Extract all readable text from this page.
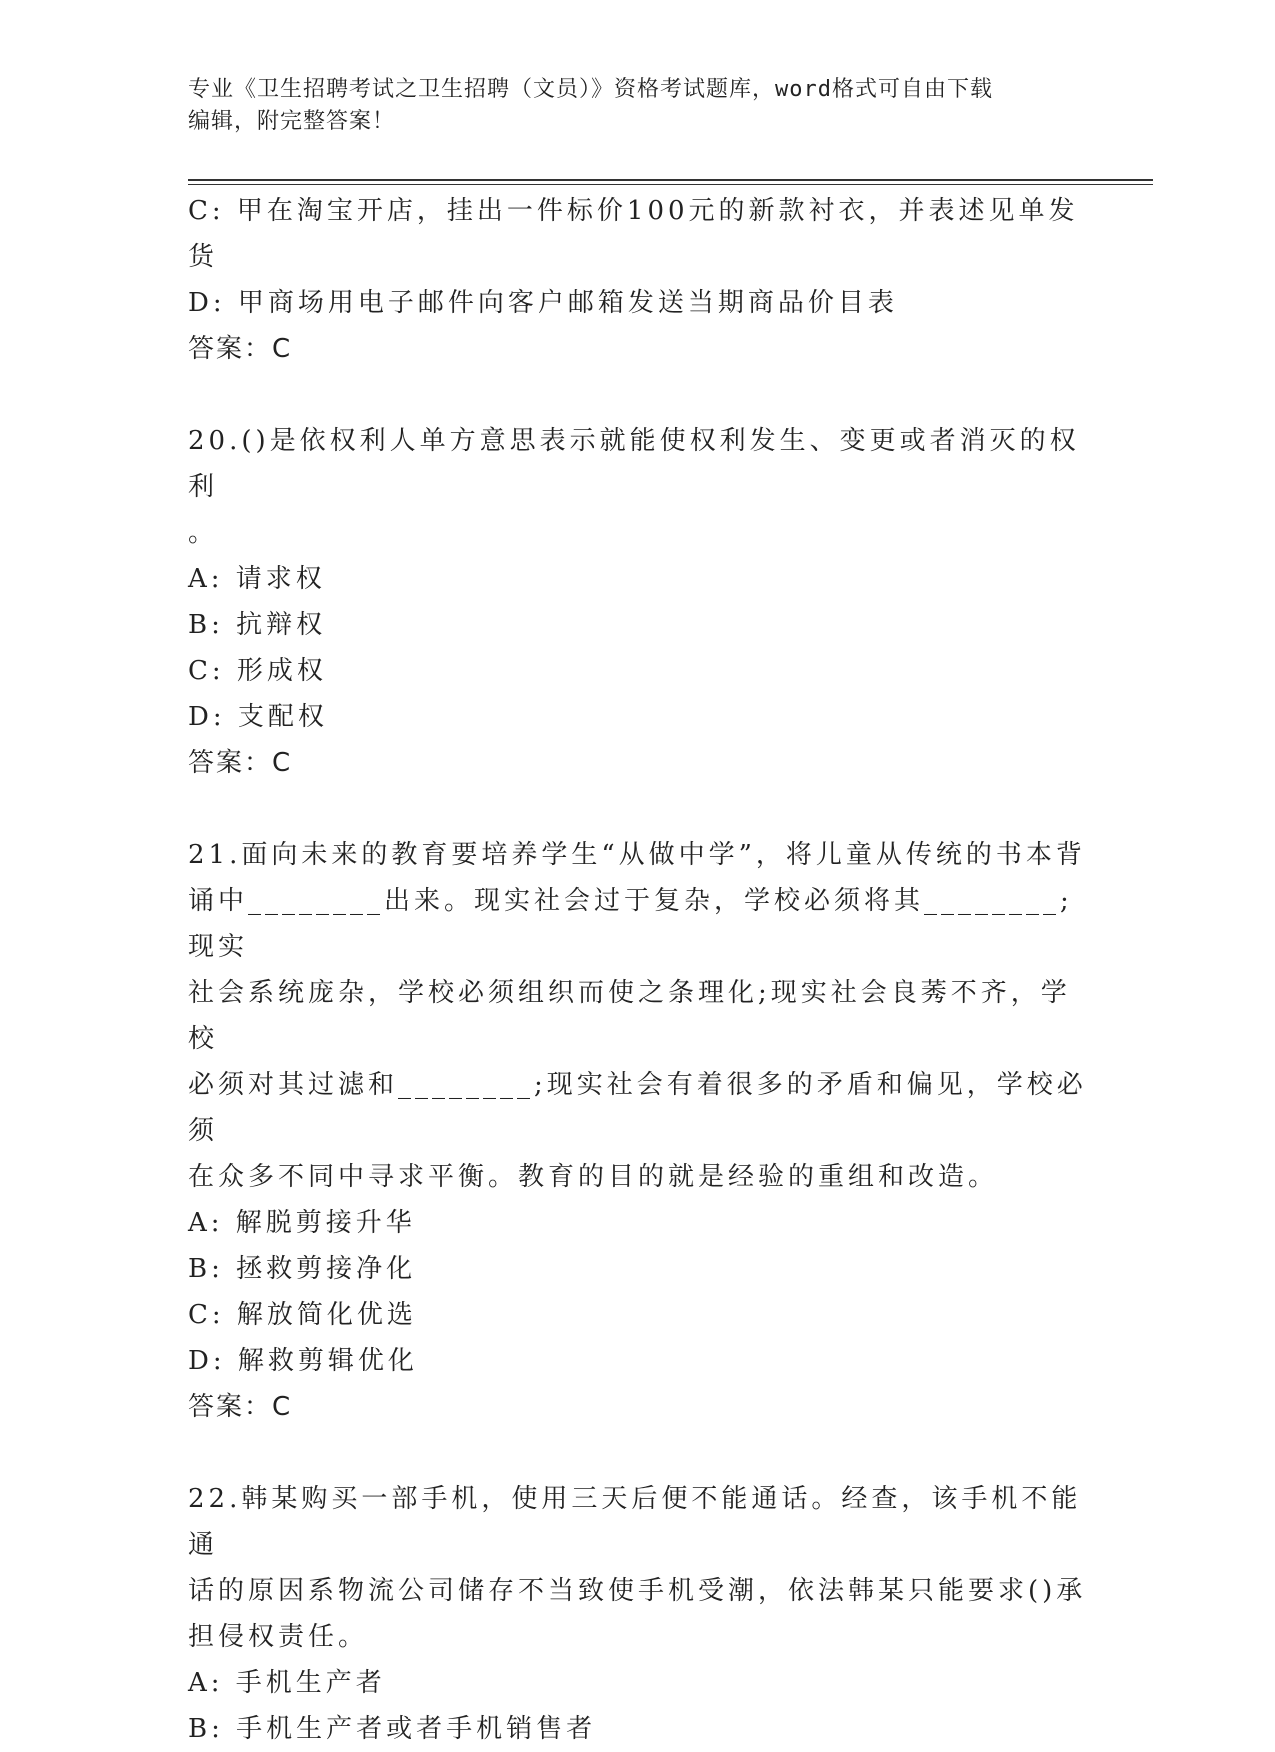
专业《卫生招聘考试之卫生招聘（文员）》资格考试题库，word格式可自由下载
编辑，附完整答案！

C: 甲在淘宝开店，挂出一件标价100元的新款衬衣，并表述见单发货

D: 甲商场用电子邮件向客户邮箱发送当期商品价目表

答案：C

20.()是依权利人单方意思表示就能使权利发生、变更或者消灭的权利

。

A: 请求权

B: 抗辩权

C: 形成权

D: 支配权

答案：C

21.面向未来的教育要培养学生“从做中学”，将儿童从传统的书本背

诵中________出来。现实社会过于复杂，学校必须将其________;现实

社会系统庞杂，学校必须组织而使之条理化;现实社会良莠不齐，学校

必须对其过滤和________;现实社会有着很多的矛盾和偏见，学校必须

在众多不同中寻求平衡。教育的目的就是经验的重组和改造。

A: 解脱剪接升华

B: 拯救剪接净化

C: 解放简化优选

D: 解救剪辑优化

答案：C

22.韩某购买一部手机，使用三天后便不能通话。经查，该手机不能通

话的原因系物流公司储存不当致使手机受潮，依法韩某只能要求()承

担侵权责任。

A: 手机生产者

B: 手机生产者或者手机销售者
